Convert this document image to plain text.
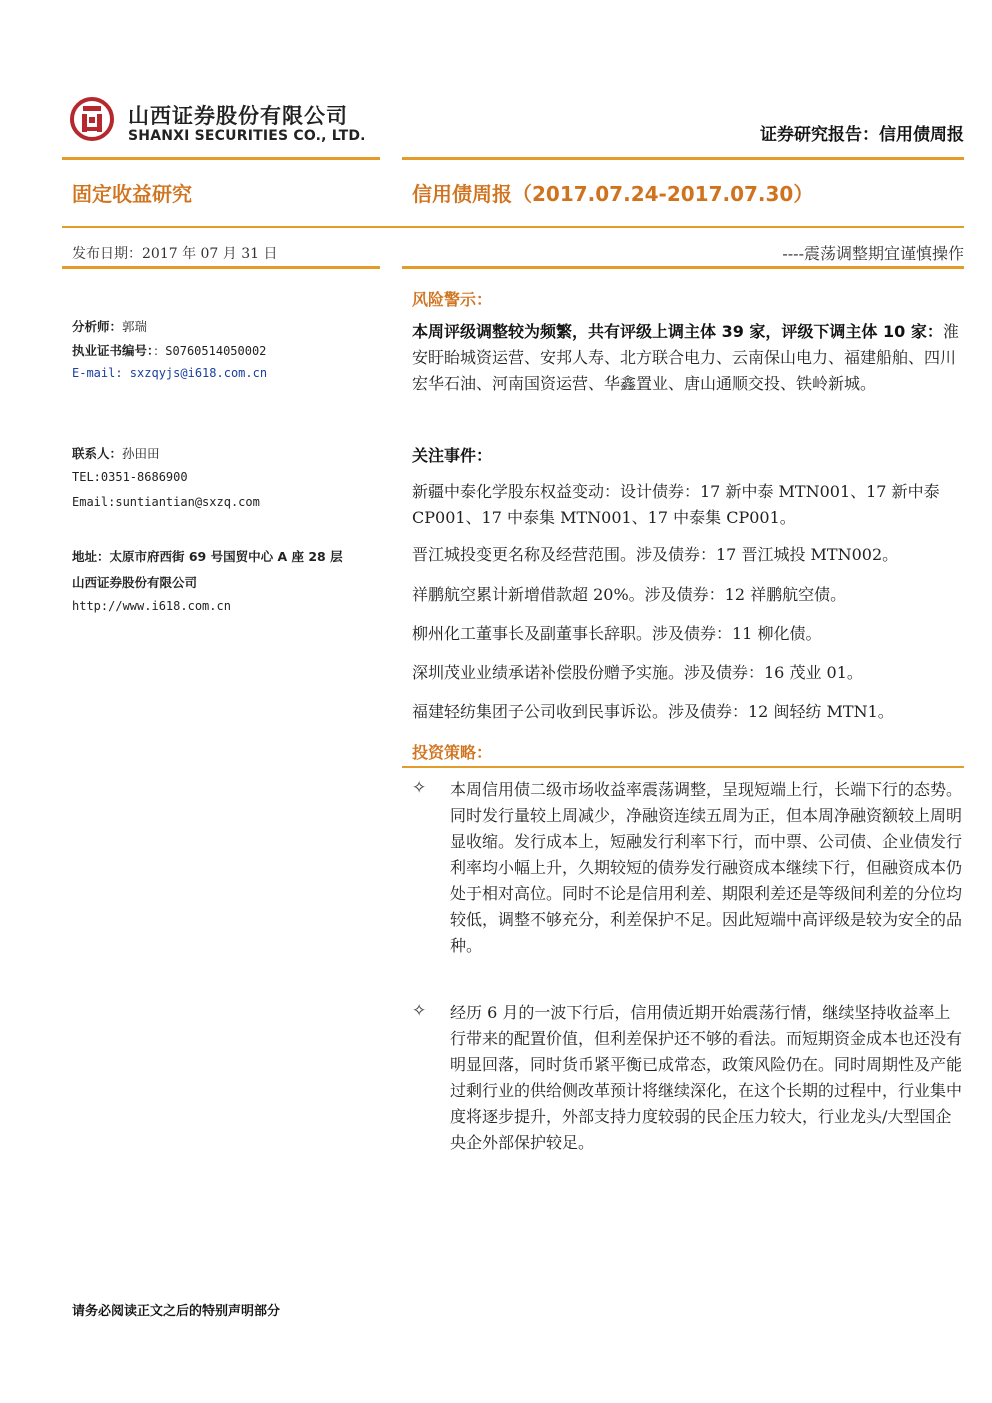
山西证券股份有限公司
SHANXI SECURITIES CO., LTD.	证券研究报告：信用债周报
固定收益研究	信用债周报（2017.07.24-2017.07.30）
发布日期：2017 年 07 月 31 日	----震荡调整期宜谨慎操作
分析师：郭瑞
执业证书编号：：S0760514050002
E-mail: sxzqyjs@i618.com.cn
联系人：孙田田
TEL:0351-8686900
Email:suntiantian@sxzq.com
地址：太原市府西街 69 号国贸中心 A 座 28 层
山西证券股份有限公司
http://www.i618.com.cn
风险警示：
本周评级调整较为频繁，共有评级上调主体 39 家，评级下调主体 10 家：淮安盱眙城资运营、安邦人寿、北方联合电力、云南保山电力、福建船舶、四川宏华石油、河南国资运营、华鑫置业、唐山通顺交投、铁岭新城。
关注事件：
新疆中泰化学股东权益变动：设计债券：17 新中泰 MTN001、17 新中泰 CP001、17 中泰集 MTN001、17 中泰集 CP001。
晋江城投变更名称及经营范围。涉及债券：17 晋江城投 MTN002。
祥鹏航空累计新增借款超 20%。涉及债券：12 祥鹏航空债。
柳州化工董事长及副董事长辞职。涉及债券：11 柳化债。
深圳茂业业绩承诺补偿股份赠予实施。涉及债券：16 茂业 01。
福建轻纺集团子公司收到民事诉讼。涉及债券：12 闽轻纺 MTN1。
投资策略：
✧	本周信用债二级市场收益率震荡调整，呈现短端上行，长端下行的态势。同时发行量较上周减少，净融资连续五周为正，但本周净融资额较上周明显收缩。发行成本上，短融发行利率下行，而中票、公司债、企业债发行利率均小幅上升，久期较短的债券发行融资成本继续下行，但融资成本仍处于相对高位。同时不论是信用利差、期限利差还是等级间利差的分位均较低，调整不够充分，利差保护不足。因此短端中高评级是较为安全的品种。
✧	经历 6 月的一波下行后，信用债近期开始震荡行情，继续坚持收益率上行带来的配置价值，但利差保护还不够的看法。而短期资金成本也还没有明显回落，同时货币紧平衡已成常态，政策风险仍在。同时周期性及产能过剩行业的供给侧改革预计将继续深化，在这个长期的过程中，行业集中度将逐步提升，外部支持力度较弱的民企压力较大，行业龙头/大型国企央企外部保护较足。
请务必阅读正文之后的特别声明部分
